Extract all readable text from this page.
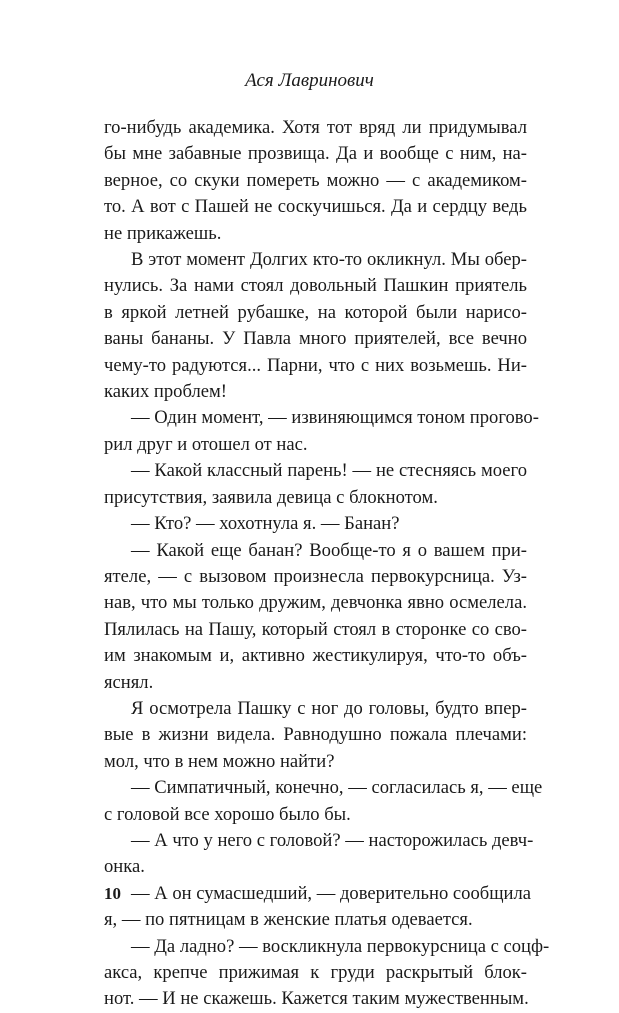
Ася Лавринович
го-нибудь академика. Хотя тот вряд ли придумывал
бы мне забавные прозвища. Да и вообще с ним, на-
верное, со скуки помереть можно — с академиком-
то. А вот с Пашей не соскучишься. Да и сердцу ведь
не прикажешь.
В этот момент Долгих кто-то окликнул. Мы обер-
нулись. За нами стоял довольный Пашкин приятель
в яркой летней рубашке, на которой были нарисо-
ваны бананы. У Павла много приятелей, все вечно
чему-то радуются... Парни, что с них возьмешь. Ни-
каких проблем!
— Один момент, — извиняющимся тоном прогово-
рил друг и отошел от нас.
— Какой классный парень! — не стесняясь моего
присутствия, заявила девица с блокнотом.
— Кто? — хохотнула я. — Банан?
— Какой еще банан? Вообще-то я о вашем при-
ятеле, — с вызовом произнесла первокурсница. Уз-
нав, что мы только дружим, девчонка явно осмелела.
Пялилась на Пашу, который стоял в сторонке со сво-
им знакомым и, активно жестикулируя, что-то объ-
яснял.
Я осмотрела Пашку с ног до головы, будто впер-
вые в жизни видела. Равнодушно пожала плечами:
мол, что в нем можно найти?
— Симпатичный, конечно, — согласилась я, — еще
с головой все хорошо было бы.
— А что у него с головой? — насторожилась девч-
онка.
— А он сумасшедший, — доверительно сообщила
я, — по пятницам в женские платья одевается.
— Да ладно? — воскликнула первокурсница с соцф-
акса, крепче прижимая к груди раскрытый блок-
нот. — И не скажешь. Кажется таким мужественным.
10
